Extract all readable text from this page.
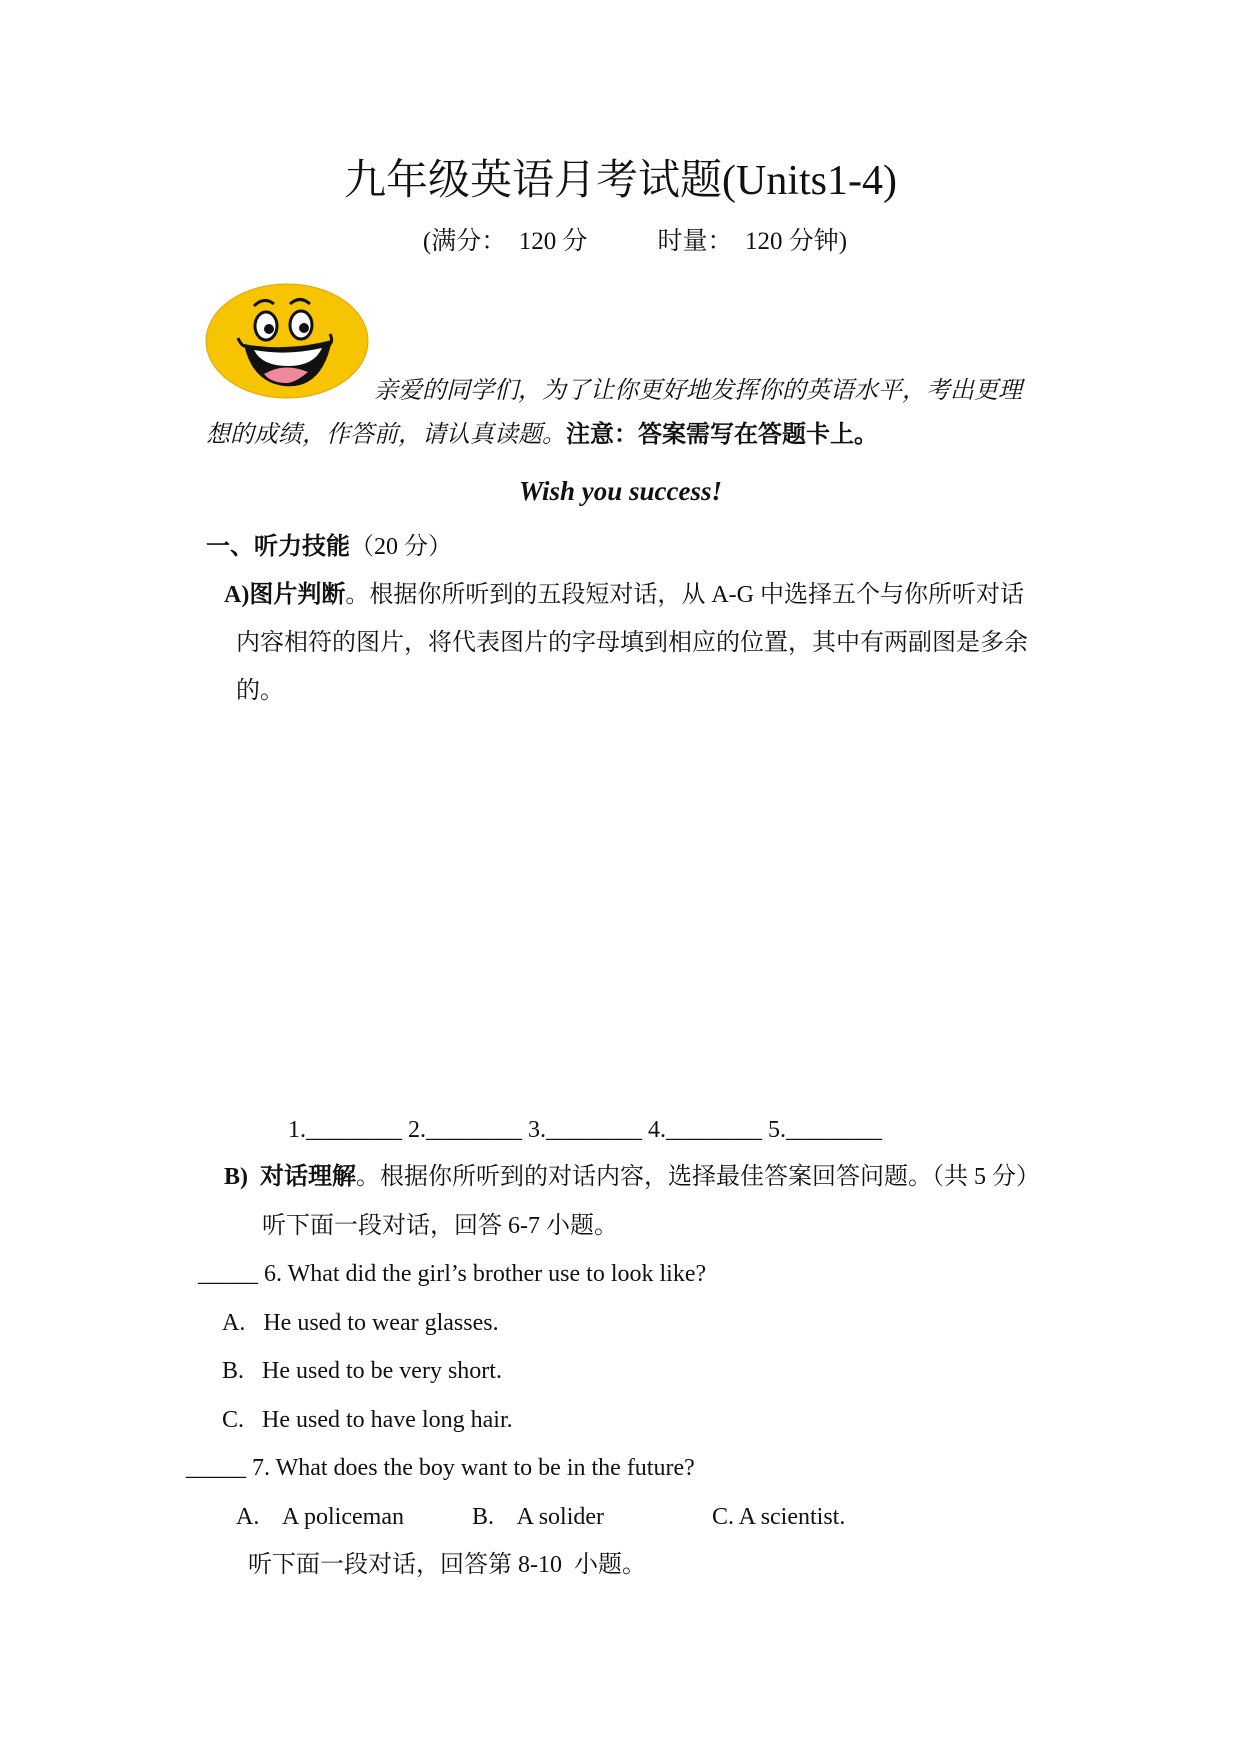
九年级英语月考试题(Units1-4)
(满分：　120 分	时量：　120 分钟)
亲爱的同学们，为了让你更好地发挥你的英语水平，考出更理
想的成绩，作答前，请认真读题。注意：答案需写在答题卡上。
Wish you success!
一、听力技能（20 分）
A)图片判断。根据你所听到的五段短对话，从 A-G 中选择五个与你所听对话
内容相符的图片，将代表图片的字母填到相应的位置，其中有两副图是多余
的。
1.________ 2.________ 3.________ 4.________ 5.________
B)  对话理解。根据你所听到的对话内容，选择最佳答案回答问题。（共 5 分）
听下面一段对话，回答 6-7 小题。
_____ 6. What did the girl’s brother use to look like?
A.   He used to wear glasses.
B.   He used to be very short.
C.   He used to have long hair.
_____ 7. What does the boy want to be in the future?
A.    A policeman	B.    A solider	C. A scientist.
听下面一段对话，回答第 8-10  小题。
